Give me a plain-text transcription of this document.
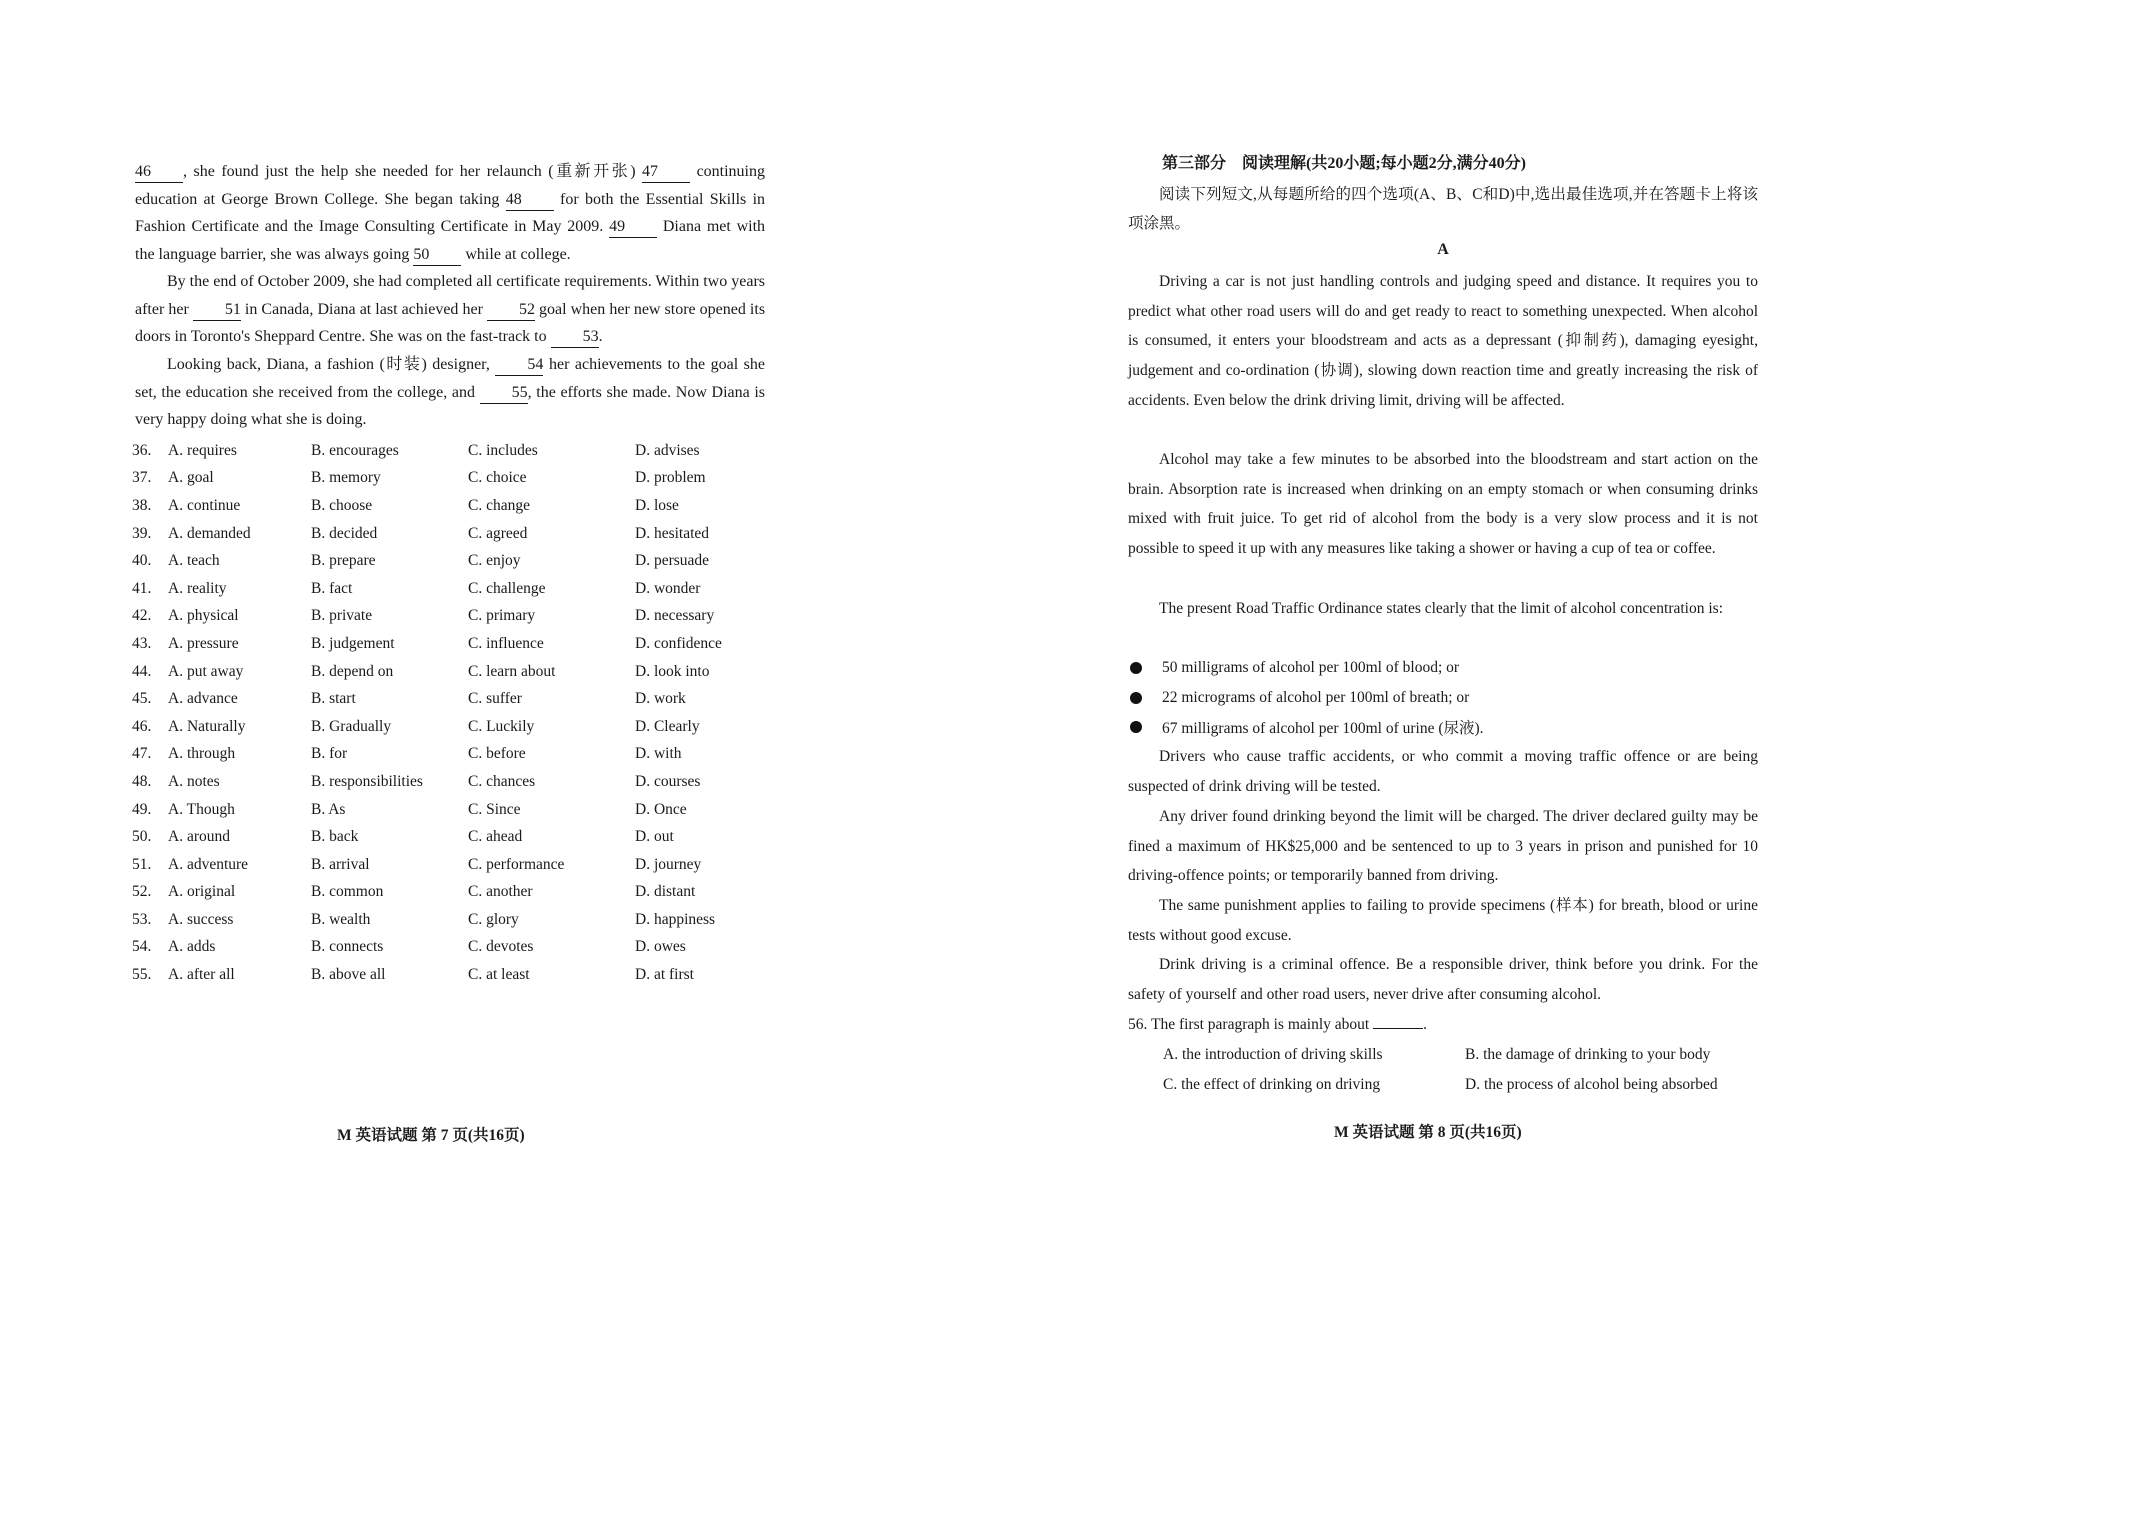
46 , she found just the help she needed for her relaunch (重新开张) 47 continuing education at George Brown College. She began taking 48 for both the Essential Skills in Fashion Certificate and the Image Consulting Certificate in May 2009. 49 Diana met with the language barrier, she was always going 50 while at college.
By the end of October 2009, she had completed all certificate requirements. Within two years after her 51 in Canada, Diana at last achieved her 52 goal when her new store opened its doors in Toronto's Sheppard Centre. She was on the fast-track to 53.
Looking back, Diana, a fashion (时装) designer, 54 her achievements to the goal she set, the education she received from the college, and 55, the efforts she made. Now Diana is very happy doing what she is doing.
36.	A. requires	B. encourages	C. includes	D. advises
37.	A. goal	B. memory	C. choice	D. problem
38.	A. continue	B. choose	C. change	D. lose
39.	A. demanded	B. decided	C. agreed	D. hesitated
40.	A. teach	B. prepare	C. enjoy	D. persuade
41.	A. reality	B. fact	C. challenge	D. wonder
42.	A. physical	B. private	C. primary	D. necessary
43.	A. pressure	B. judgement	C. influence	D. confidence
44.	A. put away	B. depend on	C. learn about	D. look into
45.	A. advance	B. start	C. suffer	D. work
46.	A. Naturally	B. Gradually	C. Luckily	D. Clearly
47.	A. through	B. for	C. before	D. with
48.	A. notes	B. responsibilities	C. chances	D. courses
49.	A. Though	B. As	C. Since	D. Once
50.	A. around	B. back	C. ahead	D. out
51.	A. adventure	B. arrival	C. performance	D. journey
52.	A. original	B. common	C. another	D. distant
53.	A. success	B. wealth	C. glory	D. happiness
54.	A. adds	B. connects	C. devotes	D. owes
55.	A. after all	B. above all	C. at least	D. at first
M 英语试题 第 7 页(共16页)
第三部分　阅读理解(共20小题;每小题2分,满分40分)
阅读下列短文,从每题所给的四个选项(A、B、C和D)中,选出最佳选项,并在答题卡上将该项涂黑。
A
Driving a car is not just handling controls and judging speed and distance. It requires you to predict what other road users will do and get ready to react to something unexpected. When alcohol is consumed, it enters your bloodstream and acts as a depressant (抑制药), damaging eyesight, judgement and co-ordination (协调), slowing down reaction time and greatly increasing the risk of accidents. Even below the drink driving limit, driving will be affected.
Alcohol may take a few minutes to be absorbed into the bloodstream and start action on the brain. Absorption rate is increased when drinking on an empty stomach or when consuming drinks mixed with fruit juice. To get rid of alcohol from the body is a very slow process and it is not possible to speed it up with any measures like taking a shower or having a cup of tea or coffee.
The present Road Traffic Ordinance states clearly that the limit of alcohol concentration is:
50 milligrams of alcohol per 100ml of blood; or
22 micrograms of alcohol per 100ml of breath; or
67 milligrams of alcohol per 100ml of urine (尿液).
Drivers who cause traffic accidents, or who commit a moving traffic offence or are being suspected of drink driving will be tested.
Any driver found drinking beyond the limit will be charged. The driver declared guilty may be fined a maximum of HK$25,000 and be sentenced to up to 3 years in prison and punished for 10 driving-offence points; or temporarily banned from driving.
The same punishment applies to failing to provide specimens (样本) for breath, blood or urine tests without good excuse.
Drink driving is a criminal offence. Be a responsible driver, think before you drink. For the safety of yourself and other road users, never drive after consuming alcohol.
56. The first paragraph is mainly about	.
A. the introduction of driving skills	B. the damage of drinking to your body
C. the effect of drinking on driving	D. the process of alcohol being absorbed
M 英语试题 第 8 页(共16页)
